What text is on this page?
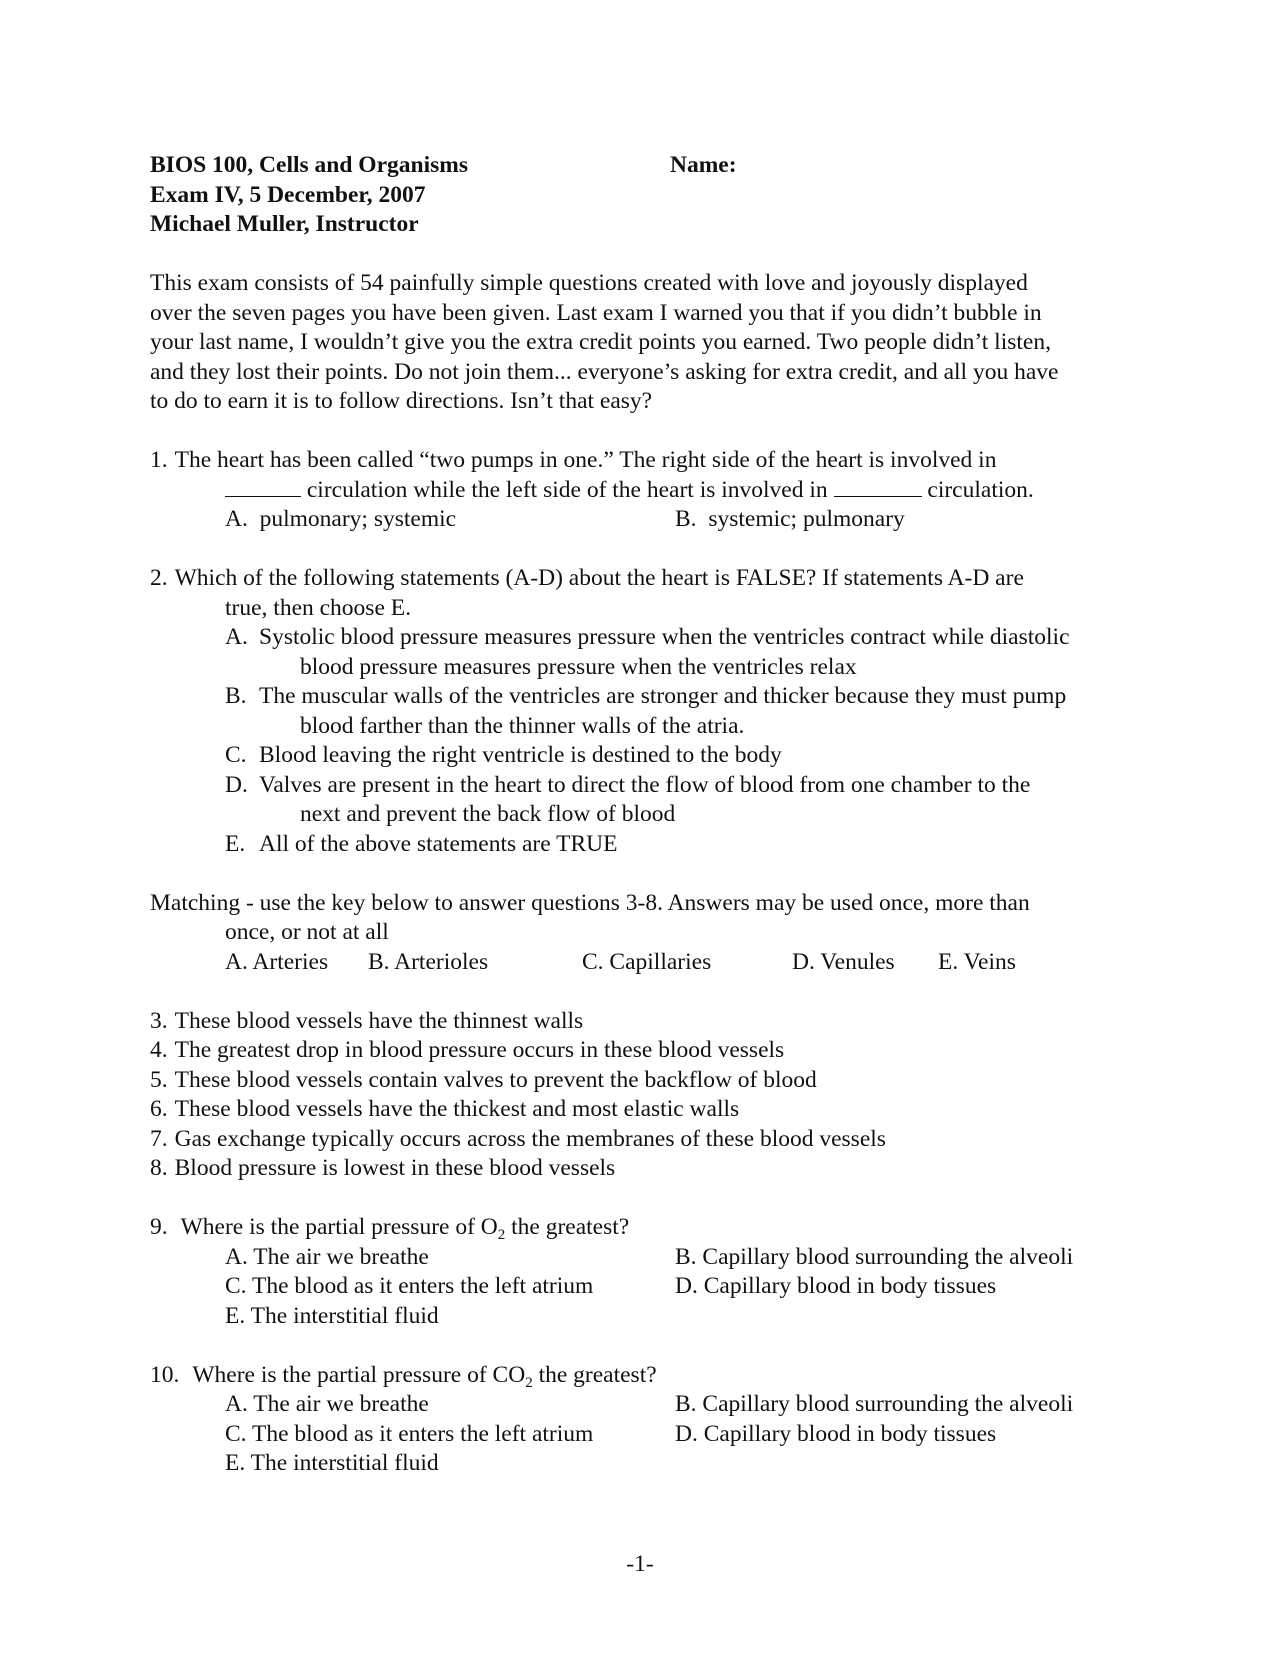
BIOS 100, Cells and Organisms	Name:
Exam IV, 5 December, 2007
Michael Muller, Instructor
This exam consists of 54 painfully simple questions created with love and joyously displayed
over the seven pages you have been given. Last exam I warned you that if you didn’t bubble in
your last name, I wouldn’t give you the extra credit points you earned. Two people didn’t listen,
and they lost their points. Do not join them... everyone’s asking for extra credit, and all you have
to do to earn it is to follow directions. Isn’t that easy?
1. The heart has been called “two pumps in one.” The right side of the heart is involved in
circulation while the left side of the heart is involved in	circulation.
A. pulmonary; systemic	B. systemic; pulmonary
2. Which of the following statements (A-D) about the heart is FALSE? If statements A-D are
true, then choose E.
A. Systolic blood pressure measures pressure when the ventricles contract while diastolic
blood pressure measures pressure when the ventricles relax
B. The muscular walls of the ventricles are stronger and thicker because they must pump
blood farther than the thinner walls of the atria.
C. Blood leaving the right ventricle is destined to the body
D. Valves are present in the heart to direct the flow of blood from one chamber to the
next and prevent the back flow of blood
E. All of the above statements are TRUE
Matching - use the key below to answer questions 3-8. Answers may be used once, more than
once, or not at all
A. Arteries B. Arterioles	C. Capillaries	D. Venules E. Veins
3. These blood vessels have the thinnest walls
4. The greatest drop in blood pressure occurs in these blood vessels
5. These blood vessels contain valves to prevent the backflow of blood
6. These blood vessels have the thickest and most elastic walls
7. Gas exchange typically occurs across the membranes of these blood vessels
8. Blood pressure is lowest in these blood vessels
9. Where is the partial pressure of $O_2$ the greatest?
A. The air we breathe	B. Capillary blood surrounding the alveoli
C. The blood as it enters the left atrium	D. Capillary blood in body tissues
E. The interstitial fluid
10. Where is the partial pressure of $CO_2$ the greatest?
A. The air we breathe	B. Capillary blood surrounding the alveoli
C. The blood as it enters the left atrium	D. Capillary blood in body tissues
E. The interstitial fluid
-1-
